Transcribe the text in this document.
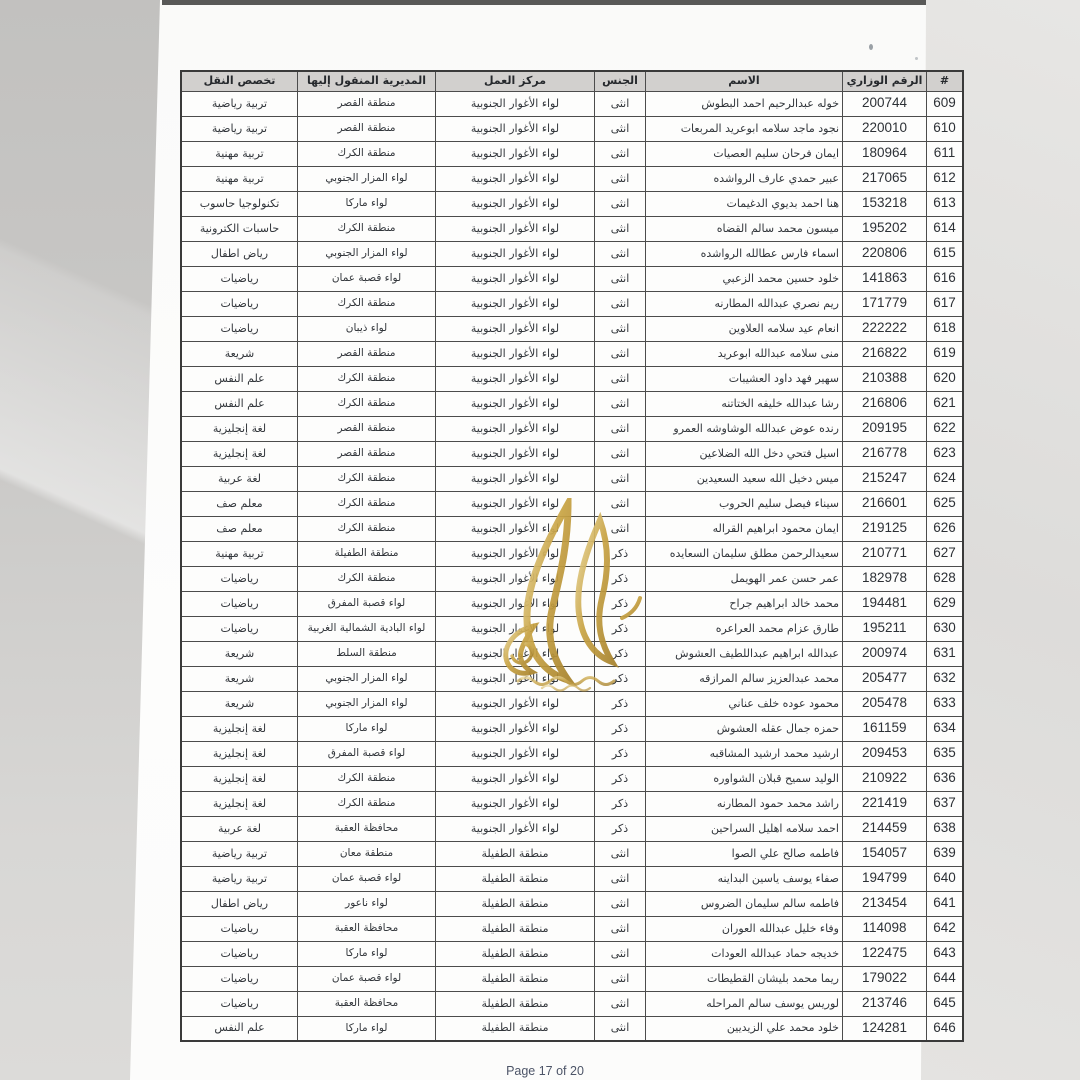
#	الرقم الوزاري	الاسم	الجنس	مركز العمل	المديرية المنقول إليها	تخصص النقل
609	200744	خوله عبدالرحيم احمد البطوش	انثى	لواء الأغوار الجنوبية	منطقة القصر	تربية رياضية
610	220010	نجود ماجد سلامه ابوعريد المربعات	انثى	لواء الأغوار الجنوبية	منطقة القصر	تربية رياضية
611	180964	ايمان فرحان سليم العصيات	انثى	لواء الأغوار الجنوبية	منطقة الكرك	تربية مهنية
612	217065	عبير حمدي عارف الرواشده	انثى	لواء الأغوار الجنوبية	لواء المزار الجنوبي	تربية مهنية
613	153218	هنا احمد بديوي الدغيمات	انثى	لواء الأغوار الجنوبية	لواء ماركا	تكنولوجيا حاسوب
614	195202	ميسون محمد سالم القضاه	انثى	لواء الأغوار الجنوبية	منطقة الكرك	حاسبات الكترونية
615	220806	اسماء فارس عطالله الرواشده	انثى	لواء الأغوار الجنوبية	لواء المزار الجنوبي	رياض اطفال
616	141863	خلود حسين محمد الزعبي	انثى	لواء الأغوار الجنوبية	لواء قصبة عمان	رياضيات
617	171779	ريم نصري عبدالله المطارنه	انثى	لواء الأغوار الجنوبية	منطقة الكرك	رياضيات
618	222222	انعام عيد سلامه العلاوين	انثى	لواء الأغوار الجنوبية	لواء ذيبان	رياضيات
619	216822	منى سلامه عبدالله ابوعريد	انثى	لواء الأغوار الجنوبية	منطقة القصر	شريعة
620	210388	سهير فهد داود العشيبات	انثى	لواء الأغوار الجنوبية	منطقة الكرك	علم النفس
621	216806	رشا عبدالله خليفه الختاتنه	انثى	لواء الأغوار الجنوبية	منطقة الكرك	علم النفس
622	209195	رنده عوض عبدالله الوشاوشه العمرو	انثى	لواء الأغوار الجنوبية	منطقة القصر	لغة إنجليزية
623	216778	اسيل فتحي دخل الله الضلاعين	انثى	لواء الأغوار الجنوبية	منطقة القصر	لغة إنجليزية
624	215247	ميس دخيل الله سعيد السعيدين	انثى	لواء الأغوار الجنوبية	منطقة الكرك	لغة عربية
625	216601	سيناء فيصل سليم الحروب	انثى	لواء الأغوار الجنوبية	منطقة الكرك	معلم صف
626	219125	ايمان محمود ابراهيم القراله	انثى	لواء الأغوار الجنوبية	منطقة الكرك	معلم صف
627	210771	سعيدالرحمن مطلق سليمان السعايده	ذكر	لواء الأغوار الجنوبية	منطقة الطفيلة	تربية مهنية
628	182978	عمر حسن عمر الهويمل	ذكر	لواء الأغوار الجنوبية	منطقة الكرك	رياضيات
629	194481	محمد خالد ابراهيم جراح	ذكر	لواء الأغوار الجنوبية	لواء قصبة المفرق	رياضيات
630	195211	طارق عزام محمد العراعره	ذكر	لواء الأغوار الجنوبية	لواء البادية الشمالية الغربية	رياضيات
631	200974	عبدالله ابراهيم عبداللطيف العشوش	ذكر	لواء الأغوار الجنوبية	منطقة السلط	شريعة
632	205477	محمد عبدالعزيز سالم المرازقه	ذكر	لواء الأغوار الجنوبية	لواء المزار الجنوبي	شريعة
633	205478	محمود عوده خلف عناني	ذكر	لواء الأغوار الجنوبية	لواء المزار الجنوبي	شريعة
634	161159	حمزه جمال عقله العشوش	ذكر	لواء الأغوار الجنوبية	لواء ماركا	لغة إنجليزية
635	209453	ارشيد محمد ارشيد المشاقبه	ذكر	لواء الأغوار الجنوبية	لواء قصبة المفرق	لغة إنجليزية
636	210922	الوليد سميح قبلان الشواوره	ذكر	لواء الأغوار الجنوبية	منطقة الكرك	لغة إنجليزية
637	221419	راشد محمد حمود المطارنه	ذكر	لواء الأغوار الجنوبية	منطقة الكرك	لغة إنجليزية
638	214459	احمد سلامه اهليل السراحين	ذكر	لواء الأغوار الجنوبية	محافظة العقبة	لغة عربية
639	154057	فاطمه صالح علي الصوا	انثى	منطقة الطفيلة	منطقة معان	تربية رياضية
640	194799	صفاء يوسف ياسين البداينه	انثى	منطقة الطفيلة	لواء قصبة عمان	تربية رياضية
641	213454	فاطمه سالم سليمان الضروس	انثى	منطقة الطفيلة	لواء ناعور	رياض اطفال
642	114098	وفاء خليل عبدالله العوران	انثى	منطقة الطفيلة	محافظة العقبة	رياضيات
643	122475	خديجه حماد عبدالله العودات	انثى	منطقة الطفيلة	لواء ماركا	رياضيات
644	179022	ريما محمد بليشان القطيطات	انثى	منطقة الطفيلة	لواء قصبة عمان	رياضيات
645	213746	لوريس يوسف سالم المراحله	انثى	منطقة الطفيلة	محافظة العقبة	رياضيات
646	124281	خلود محمد علي الزيديين	انثى	منطقة الطفيلة	لواء ماركا	علم النفس
Page 17 of 20
